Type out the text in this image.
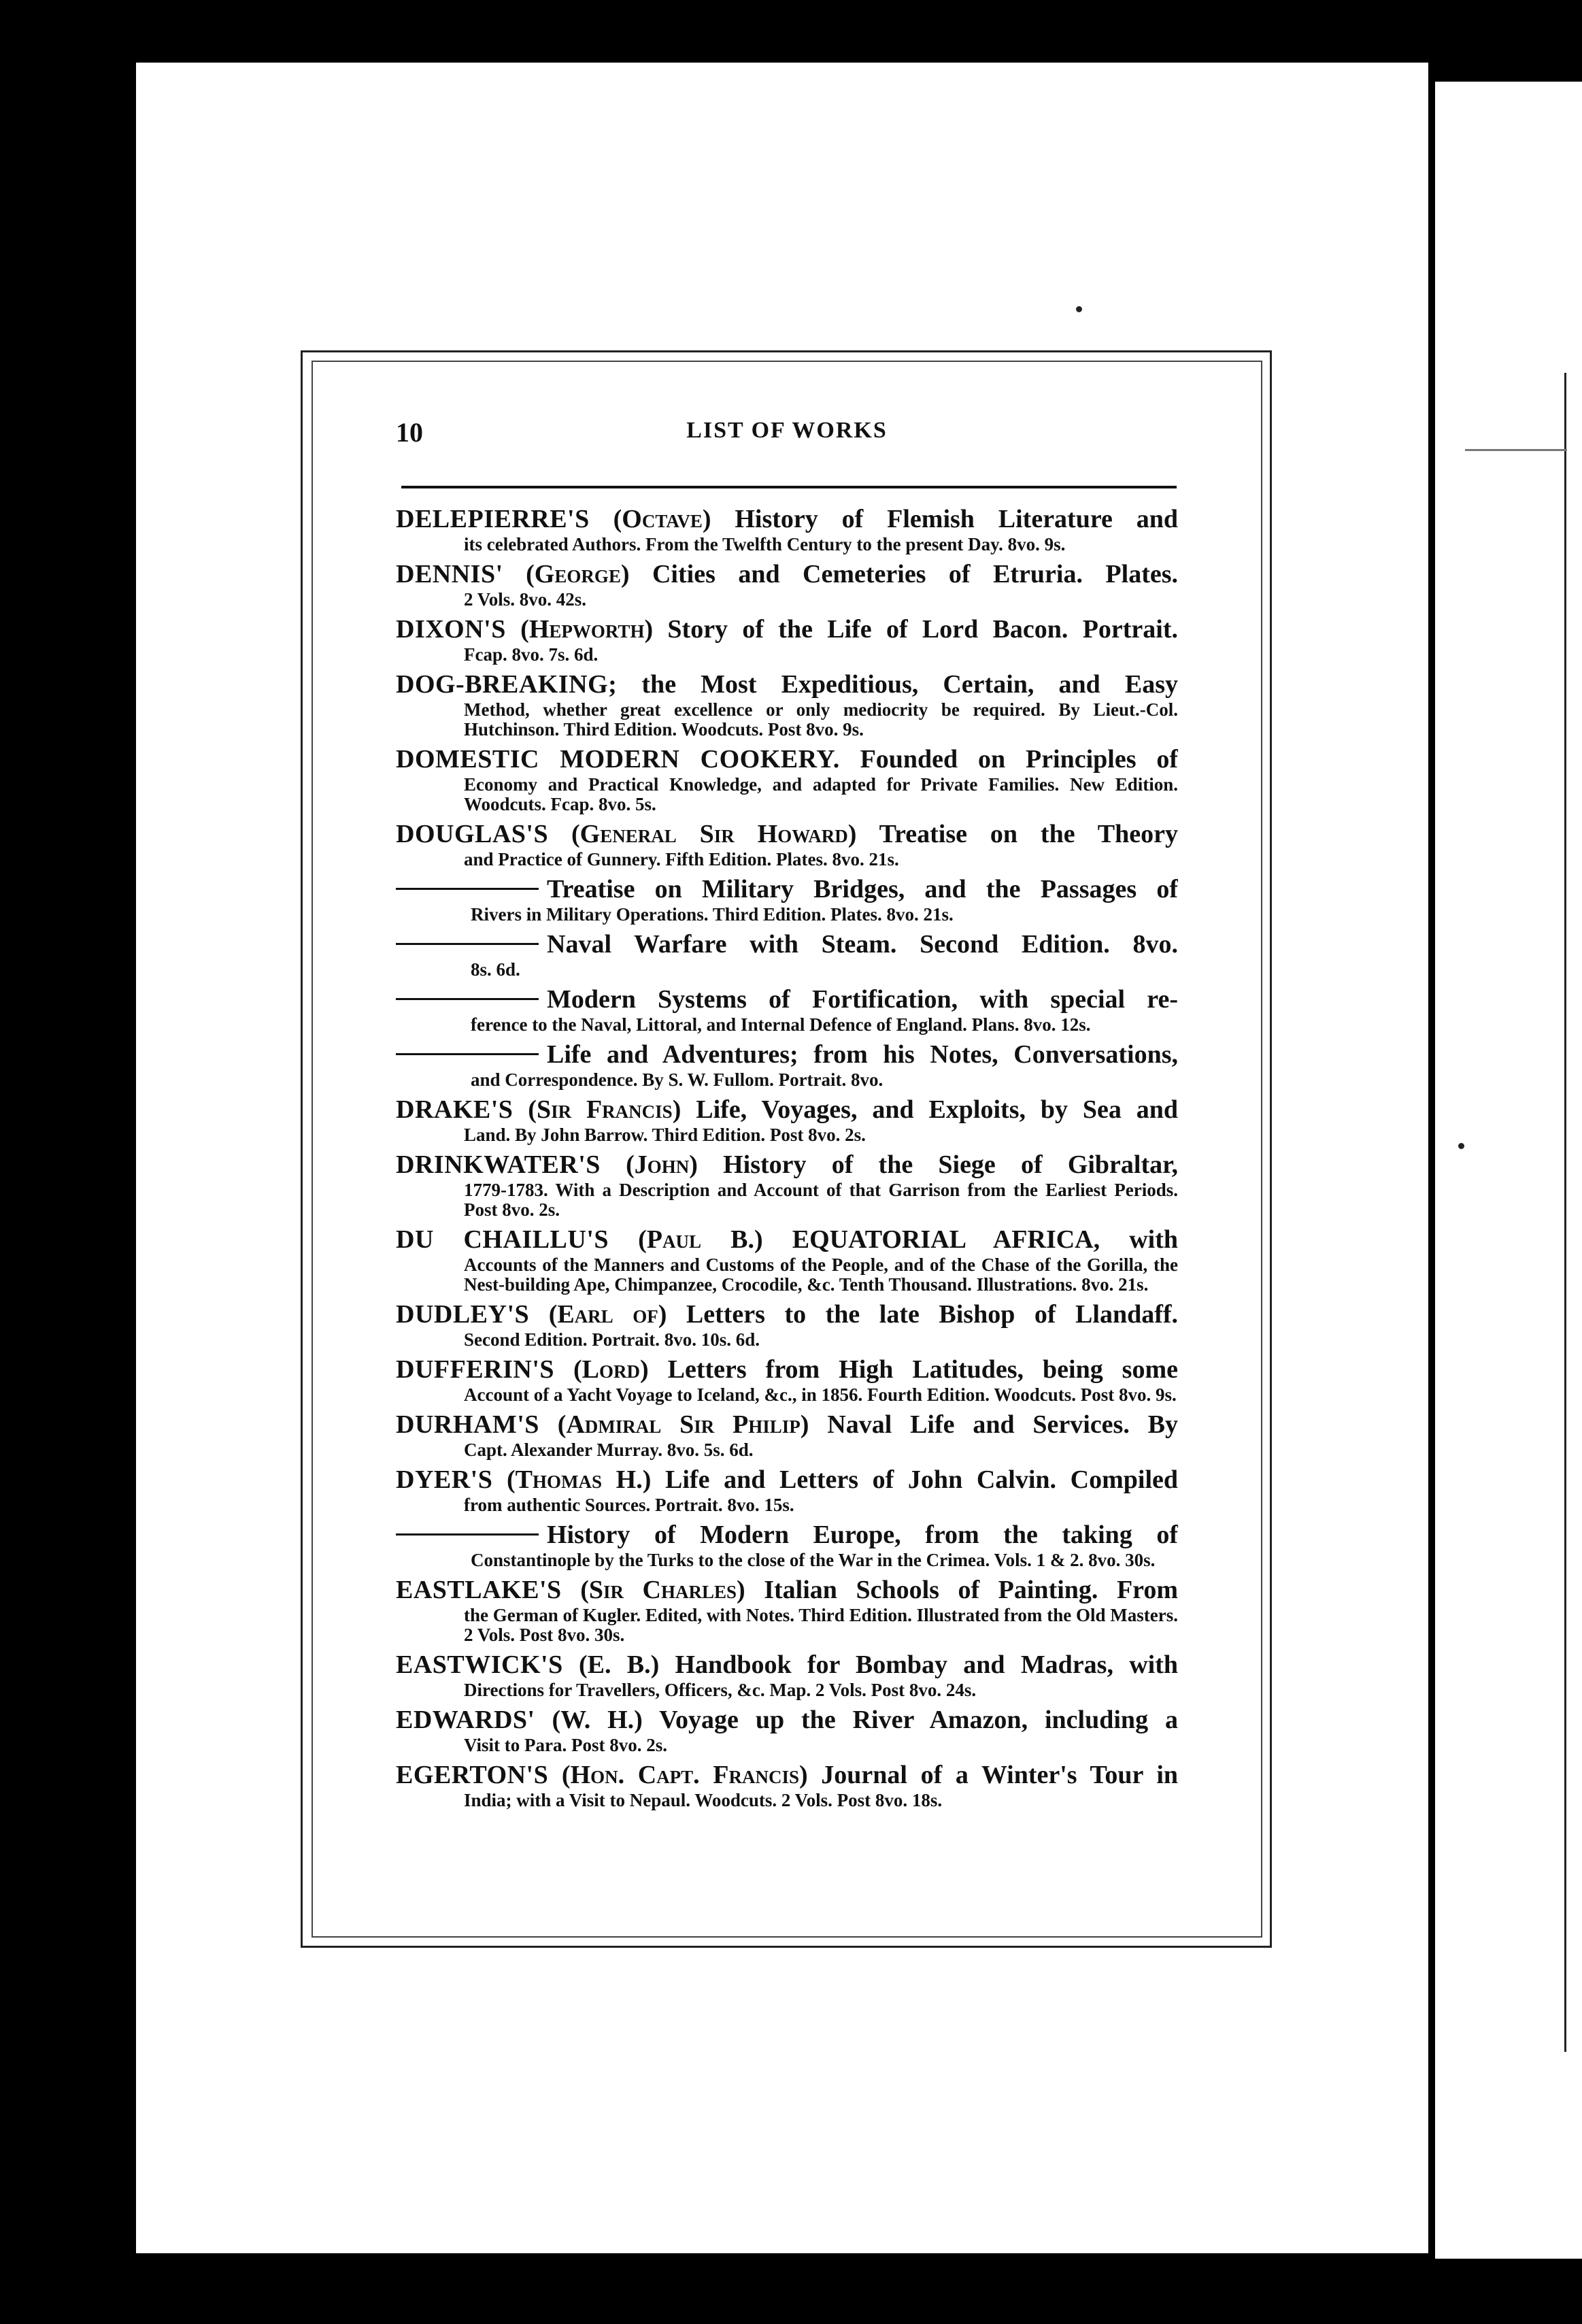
10	LIST OF WORKS
DELEPIERRE'S (Octave) History of Flemish Literature and
its celebrated Authors. From the Twelfth Century to the present Day. 8vo. 9s.
DENNIS' (George) Cities and Cemeteries of Etruria. Plates.
2 Vols. 8vo. 42s.
DIXON'S (Hepworth) Story of the Life of Lord Bacon. Portrait.
Fcap. 8vo. 7s. 6d.
DOG-BREAKING; the Most Expeditious, Certain, and Easy
Method, whether great excellence or only mediocrity be required. By Lieut.-Col. Hutchinson. Third Edition. Woodcuts. Post 8vo. 9s.
DOMESTIC MODERN COOKERY. Founded on Principles of
Economy and Practical Knowledge, and adapted for Private Families. New Edition. Woodcuts. Fcap. 8vo. 5s.
DOUGLAS'S (General Sir Howard) Treatise on the Theory
and Practice of Gunnery. Fifth Edition. Plates. 8vo. 21s.
Treatise on Military Bridges, and the Passages of
Rivers in Military Operations. Third Edition. Plates. 8vo. 21s.
Naval Warfare with Steam. Second Edition. 8vo.
8s. 6d.
Modern Systems of Fortification, with special re-
ference to the Naval, Littoral, and Internal Defence of England. Plans. 8vo. 12s.
Life and Adventures; from his Notes, Conversations,
and Correspondence. By S. W. Fullom. Portrait. 8vo.
DRAKE'S (Sir Francis) Life, Voyages, and Exploits, by Sea and
Land. By John Barrow. Third Edition. Post 8vo. 2s.
DRINKWATER'S (John) History of the Siege of Gibraltar,
1779-1783. With a Description and Account of that Garrison from the Earliest Periods. Post 8vo. 2s.
DU CHAILLU'S (Paul B.) EQUATORIAL AFRICA, with
Accounts of the Manners and Customs of the People, and of the Chase of the Gorilla, the Nest-building Ape, Chimpanzee, Crocodile, &c. Tenth Thousand. Illustrations. 8vo. 21s.
DUDLEY'S (Earl of) Letters to the late Bishop of Llandaff.
Second Edition. Portrait. 8vo. 10s. 6d.
DUFFERIN'S (Lord) Letters from High Latitudes, being some
Account of a Yacht Voyage to Iceland, &c., in 1856. Fourth Edition. Woodcuts. Post 8vo. 9s.
DURHAM'S (Admiral Sir Philip) Naval Life and Services. By
Capt. Alexander Murray. 8vo. 5s. 6d.
DYER'S (Thomas H.) Life and Letters of John Calvin. Compiled
from authentic Sources. Portrait. 8vo. 15s.
History of Modern Europe, from the taking of
Constantinople by the Turks to the close of the War in the Crimea. Vols. 1 & 2. 8vo. 30s.
EASTLAKE'S (Sir Charles) Italian Schools of Painting. From
the German of Kugler. Edited, with Notes. Third Edition. Illustrated from the Old Masters. 2 Vols. Post 8vo. 30s.
EASTWICK'S (E. B.) Handbook for Bombay and Madras, with
Directions for Travellers, Officers, &c. Map. 2 Vols. Post 8vo. 24s.
EDWARDS' (W. H.) Voyage up the River Amazon, including a
Visit to Para. Post 8vo. 2s.
EGERTON'S (Hon. Capt. Francis) Journal of a Winter's Tour in
India; with a Visit to Nepaul. Woodcuts. 2 Vols. Post 8vo. 18s.
